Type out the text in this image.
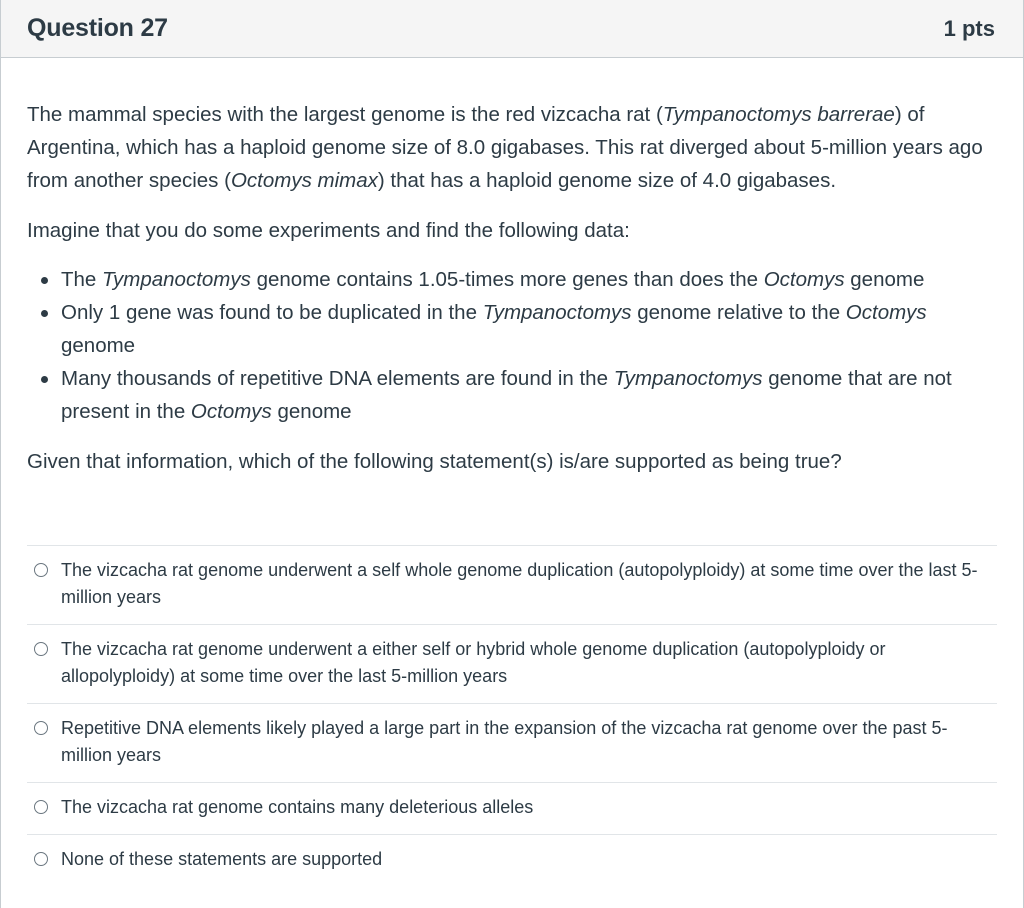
Question 27	1 pts

The mammal species with the largest genome is the red vizcacha rat (Tympanoctomys barrerae) of Argentina, which has a haploid genome size of 8.0 gigabases. This rat diverged about 5-million years ago from another species (Octomys mimax) that has a haploid genome size of 4.0 gigabases.

Imagine that you do some experiments and find the following data:

The Tympanoctomys genome contains 1.05-times more genes than does the Octomys genome
Only 1 gene was found to be duplicated in the Tympanoctomys genome relative to the Octomys genome
Many thousands of repetitive DNA elements are found in the Tympanoctomys genome that are not present in the Octomys genome

Given that information, which of the following statement(s) is/are supported as being true?

The vizcacha rat genome underwent a self whole genome duplication (autopolyploidy) at some time over the last 5-million years
The vizcacha rat genome underwent a either self or hybrid whole genome duplication (autopolyploidy or allopolyploidy) at some time over the last 5-million years
Repetitive DNA elements likely played a large part in the expansion of the vizcacha rat genome over the past 5-million years
The vizcacha rat genome contains many deleterious alleles
None of these statements are supported
